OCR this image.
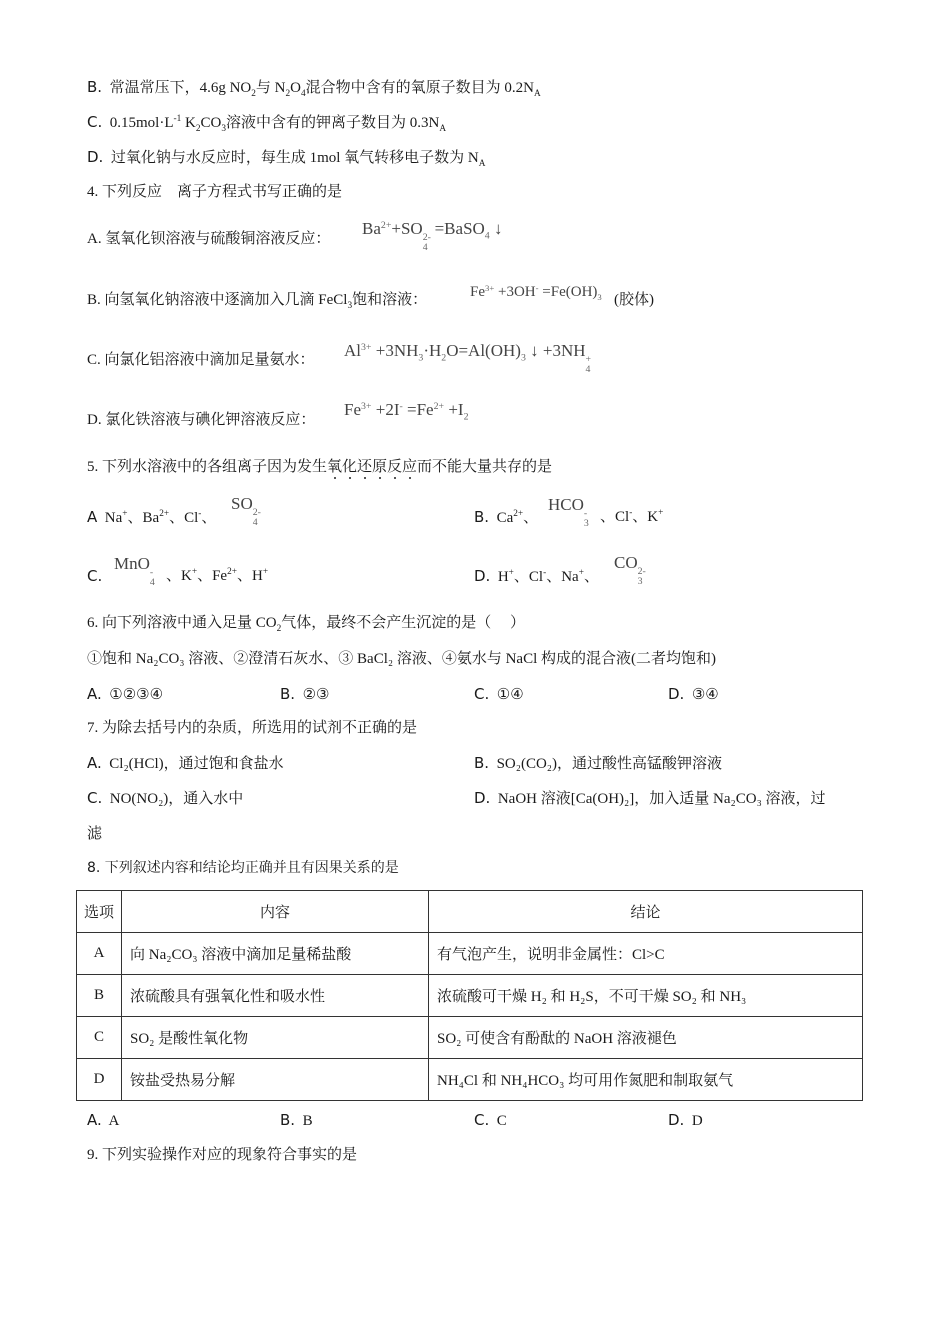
B. 常温常压下，4.6g $NO_2$与 $N_2O_4$混合物中含有的氧原子数目为 $0.2N_A$
C. $0.15mol\cdot L^{-1}$ $K_2CO_3$溶液中含有的钾离子数目为 $0.3N_A$
D. 过氧化钠与水反应时，每生成 1mol 氧气转移电子数为 $N_A$
4. 下列反应　离子方程式书写正确的是
A. 氢氧化钡溶液与硫酸铜溶液反应：
$Ba^{2+}+SO$ 2-
4
=BaSO$_4$ ↓
B. 向氢氧化钠溶液中逐滴加入几滴 FeCl$_3$饱和溶液：	$Fe^{3+} +3OH^- =Fe(OH)_3$ (胶体)
C. 向氯化铝溶液中滴加足量氨水：
$Al^{3+} +3NH_3\cdot H_2O=Al(OH)_3$ ↓ +3NH +
4
D. 氯化铁溶液与碘化钾溶液反应：
$Fe^{3+} +2I^- =Fe^{2+} +I_2$
5. 下列水溶液中的各组离子因为发生氧化还原反应
而不能大量共存的是
A  Na+、$Ba^{2+}$、Cl-、
SO 2-
4	B.  $Ca^{2+}$、
HCO -
3 、Cl-、K+
C.
MnO -
4 、K+、$Fe^{2+}$、H+	D.  H+、Cl-、Na+、
CO 2-
3
6. 向下列溶液中通入足量 $CO_2$气体，最终不会产生沉淀的是（　 ）
①饱和 Na₂CO₃ 溶液、②澄清石灰水、③ BaCl₂ 溶液、④氨水与 NaCl 构成的混合液(二者均饱和)
A. ①②③④	B. ②③	C. ①④	D. ③④
7. 为除去括号内的杂质，所选用的试剂不正确的是
A. Cl₂(HCl)，通过饱和食盐水	B. SO₂(CO₂)，通过酸性高锰酸钾溶液
C. NO(NO₂)，通入水中	D. NaOH 溶液[Ca(OH)₂]，加入适量 Na₂CO₃ 溶液，过
滤
8. 下列叙述内容和结论均正确并且有因果关系的是
选项	内容	结论
A	向 Na₂CO₃ 溶液中滴加足量稀盐酸	有气泡产生，说明非金属性：Cl>C
B	浓硫酸具有强氧化性和吸水性	浓硫酸可干燥 H₂ 和 H₂S，不可干燥 SO₂ 和 NH₃
C	SO₂ 是酸性氧化物	SO₂ 可使含有酚酞的 NaOH 溶液褪色
D	铵盐受热易分解	NH₄Cl 和 NH₄HCO₃ 均可用作氮肥和制取氨气
A. A	B. B	C. C	D. D
9. 下列实验操作对应的现象符合事实的是
